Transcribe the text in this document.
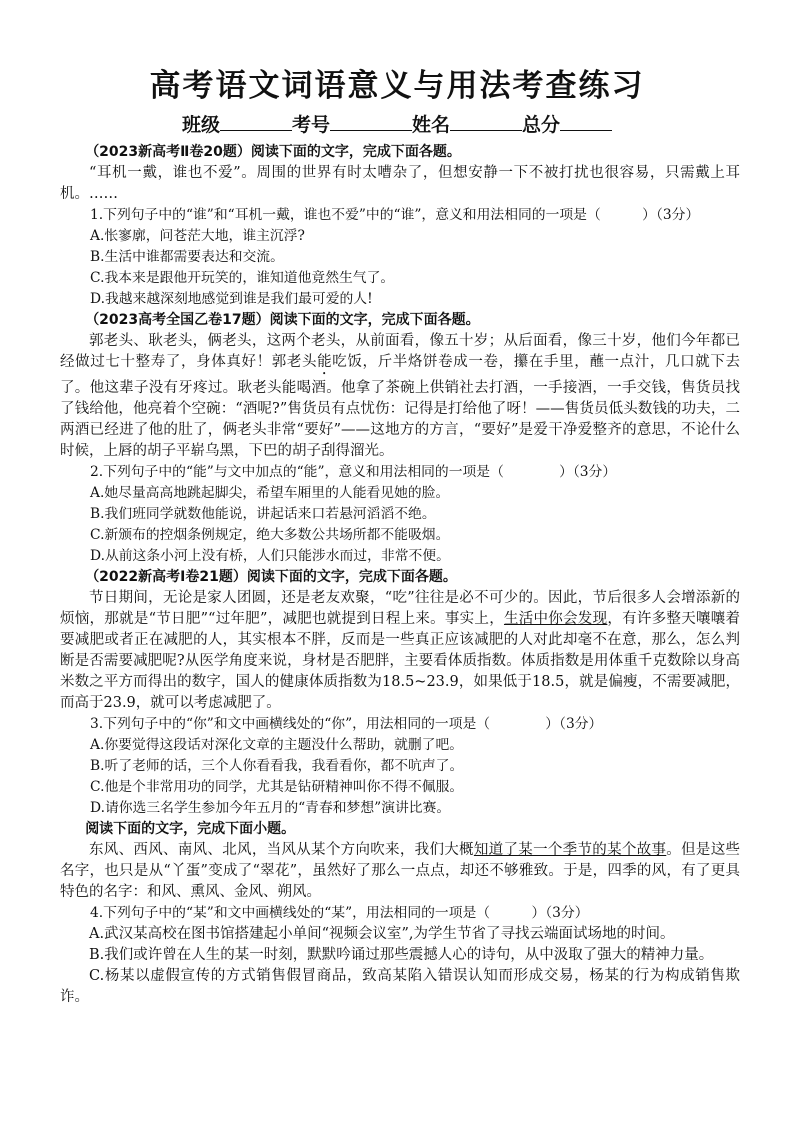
高考语文词语意义与用法考查练习
班级	考号	姓名	总分

（2023新高考Ⅱ卷20题）阅读下面的文字，完成下面各题。

“耳机一戴，谁也不爱”。周围的世界有时太嘈杂了，但想安静一下不被打扰也很容易，只需戴上耳机。……

1.下列句子中的“谁”和“耳机一戴，谁也不爱”中的“谁”，意义和用法相同的一项是（　　　）（3分）

A.怅寥廓，问苍茫大地，谁主沉浮?

B.生活中谁都需要表达和交流。

C.我本来是跟他开玩笑的，谁知道他竟然生气了。

D.我越来越深刻地感觉到谁是我们最可爱的人!

（2023高考全国乙卷17题）阅读下面的文字，完成下面各题。

郭老头、耿老头，俩老头，这两个老头，从前面看，像五十岁；从后面看，像三十岁，他们今年都已经做过七十整寿了，身体真好！郭老头能吃饭，斤半烙饼卷成一卷，攥在手里，蘸一点汁，几口就下去了。他这辈子没有牙疼过。耿老头能喝酒。他拿了茶碗上供销社去打酒，一手接酒，一手交钱，售货员找了钱给他，他亮着个空碗：“酒呢?”售货员有点忧伤：记得是打给他了呀！——售货员低头数钱的功夫，二两酒已经进了他的肚了，俩老头非常“要好”——这地方的方言，“要好”是爱干净爱整齐的意思，不论什么时候，上唇的胡子平崭乌黑，下巴的胡子刮得溜光。

2.下列句子中的“能”与文中加点的“能”，意义和用法相同的一项是（　　　　）（3分）

A.她尽量高高地跳起脚尖，希望车厢里的人能看见她的脸。

B.我们班同学就数他能说，讲起话来口若悬河滔滔不绝。

C.新颁布的控烟条例规定，绝大多数公共场所都不能吸烟。

D.从前这条小河上没有桥，人们只能涉水而过，非常不便。

（2022新高考Ⅰ卷21题）阅读下面的文字，完成下面各题。

节日期间，无论是家人团圆，还是老友欢聚，“吃”往往是必不可少的。因此，节后很多人会增添新的烦恼，那就是“节日肥”“过年肥”，减肥也就提到日程上来。事实上，生活中你会发现，有许多整天嚷嚷着要减肥或者正在减肥的人，其实根本不胖，反而是一些真正应该减肥的人对此却毫不在意，那么，怎么判断是否需要减肥呢?从医学角度来说，身材是否肥胖，主要看体质指数。体质指数是用体重千克数除以身高米数之平方而得出的数字，国人的健康体质指数为18.5~23.9，如果低于18.5，就是偏瘦，不需要减肥，而高于23.9，就可以考虑减肥了。

3.下列句子中的“你”和文中画横线处的“你”，用法相同的一项是（　　　　）（3分）

A.你要觉得这段话对深化文章的主题没什么帮助，就删了吧。

B.听了老师的话，三个人你看看我，我看看你，都不吭声了。

C.他是个非常用功的同学，尤其是钻研精神叫你不得不佩服。

D.请你选三名学生参加今年五月的“青春和梦想”演讲比赛。

阅读下面的文字，完成下面小题。

东风、西风、南风、北风，当风从某个方向吹来，我们大概知道了某一个季节的某个故事。但是这些名字，也只是从“丫蛋”变成了“翠花”，虽然好了那么一点点，却还不够雅致。于是，四季的风，有了更具特色的名字：和风、熏风、金风、朔风。

4.下列句子中的“某”和文中画横线处的“某”，用法相同的一项是（　　　）（3分）

A.武汉某高校在图书馆搭建起小单间“视频会议室”,为学生节省了寻找云端面试场地的时间。

B.我们或许曾在人生的某一时刻，默默吟诵过那些震撼人心的诗句，从中汲取了强大的精神力量。

C.杨某以虚假宣传的方式销售假冒商品，致高某陷入错误认知而形成交易，杨某的行为构成销售欺诈。
